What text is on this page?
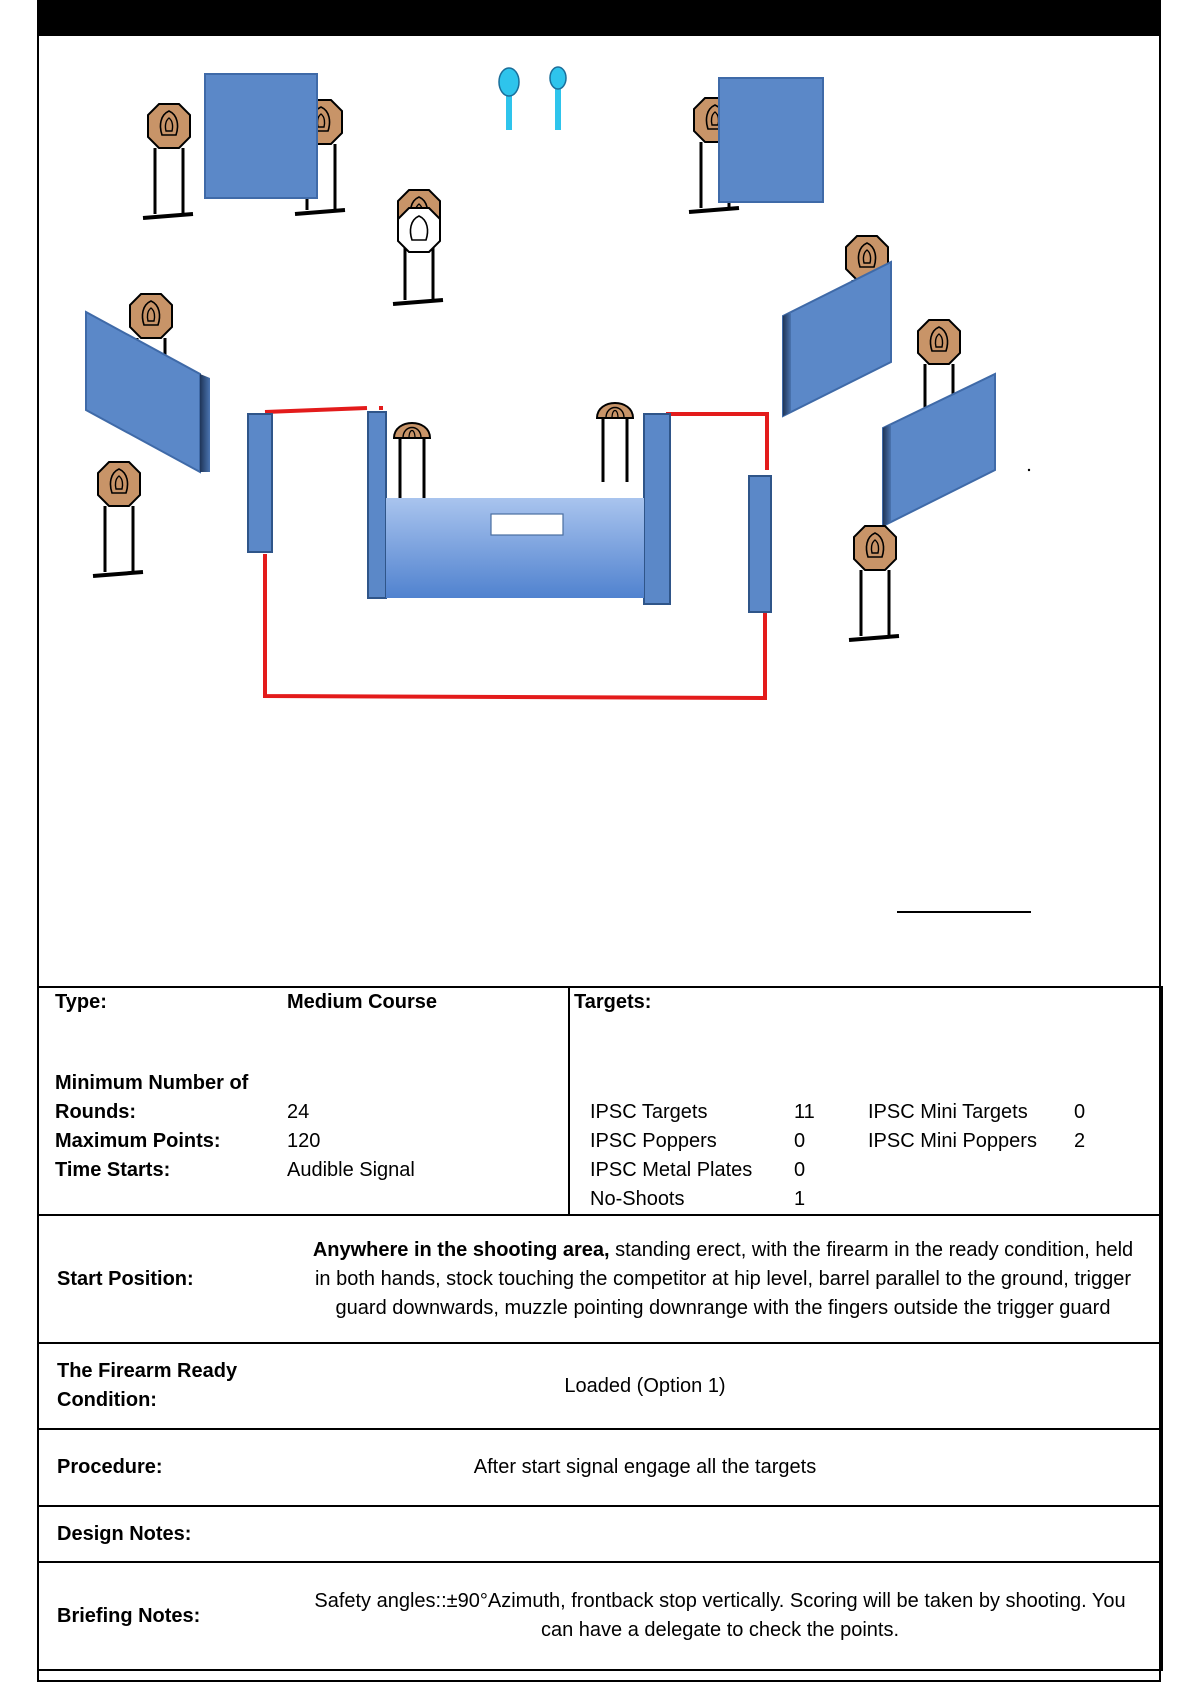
Type:	Medium Course
Minimum Number of
Rounds:	24
Maximum Points:	120
Time Starts:	Audible Signal

Targets:
IPSC Targets	11	IPSC Mini Targets	0
IPSC Poppers	0	IPSC Mini Poppers	2
IPSC Metal Plates	0
No-Shoots	1

Start Position:
Anywhere in the shooting area, standing erect, with the firearm in the ready condition, held
in both hands, stock touching the competitor at hip level, barrel parallel to the ground, trigger
guard downwards, muzzle pointing downrange with the fingers outside the trigger guard

The Firearm Ready
Condition:
Loaded (Option 1)

Procedure:	After start signal engage all the targets

Design Notes:

Briefing Notes:
Safety angles::±90°Azimuth, frontback stop vertically. Scoring will be taken by shooting. You
can have a delegate to check the points.
